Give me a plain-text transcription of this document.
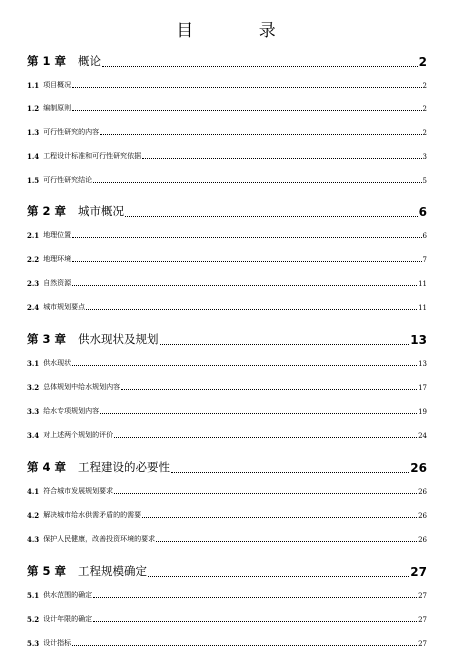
目 录
第 1 章 概论	2
1.1 项目概况	2
1.2 编制原则	2
1.3 可行性研究的内容	2
1.4 工程设计标准和可行性研究依据	3
1.5 可行性研究结论	5
第 2 章 城市概况	6
2.1 地理位置	6
2.2 地理环境	7
2.3 自然资源	11
2.4 城市规划要点	11
第 3 章 供水现状及规划	13
3.1 供水现状	13
3.2 总体规划中给水规划内容	17
3.3 给水专项规划内容	19
3.4 对上述两个规划的评价	24
第 4 章 工程建设的必要性	26
4.1 符合城市发展规划要求	26
4.2 解决城市给水供需矛盾的的需要	26
4.3 保护人民健康，改善投资环境的要求	26
第 5 章 工程规模确定	27
5.1 供水范围的确定	27
5.2 设计年限的确定	27
5.3 设计指标	27
